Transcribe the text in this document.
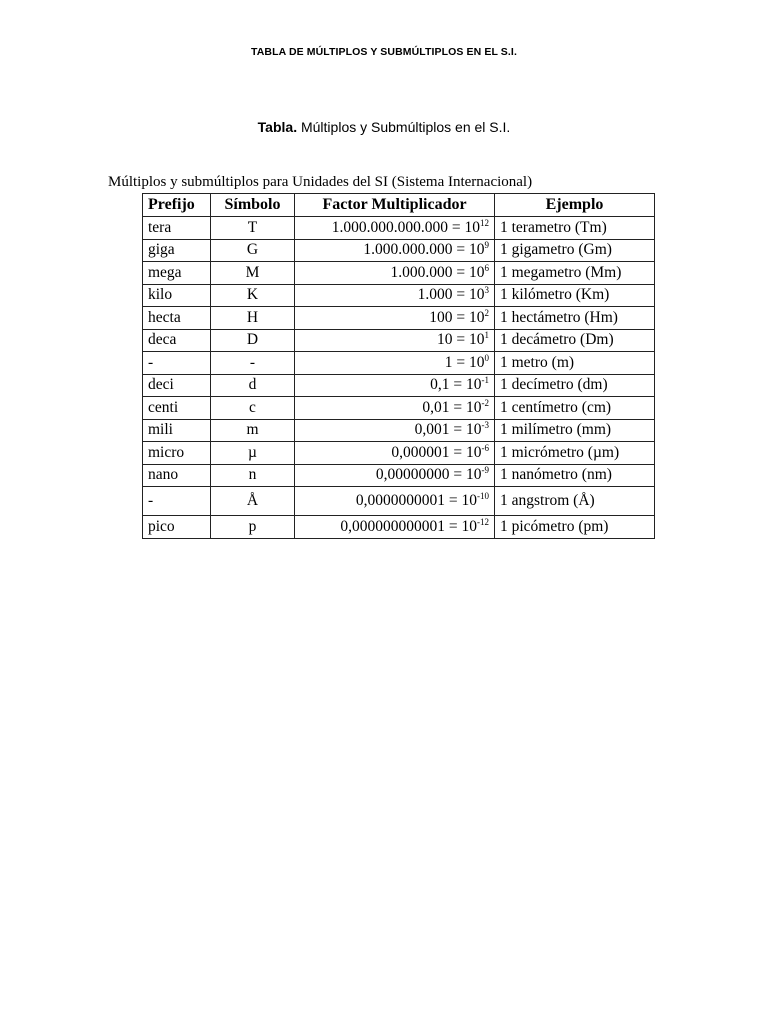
TABLA DE MÚLTIPLOS Y SUBMÚLTIPLOS EN EL S.I.
Tabla. Múltiplos y Submúltiplos en el S.I.
Múltiplos y submúltiplos para Unidades del SI (Sistema Internacional)
Prefijo	Símbolo	Factor Multiplicador	Ejemplo
tera	T	$1.000.000.000.000 = 10^{12}$	1 terametro (Tm)
giga	G	$1.000.000.000 = 10^9$	1 gigametro (Gm)
mega	M	$1.000.000 = 10^6$	1 megametro (Mm)
kilo	K	$1.000 = 10^3$	1 kilómetro (Km)
hecta	H	$100 = 10^2$	1 hectámetro (Hm)
deca	D	$10 = 10^1$	1 decámetro (Dm)
-	-	$1 = 10^0$	1 metro (m)
deci	d	$0,1 = 10^{-1}$	1 decímetro (dm)
centi	c	$0,01 = 10^{-2}$	1 centímetro (cm)
mili	m	$0,001 = 10^{-3}$	1 milímetro (mm)
micro	µ	$0,000001 = 10^{-6}$	1 micrómetro (µm)
nano	n	$0,00000000 = 10^{-9}$	1 nanómetro (nm)
-	Å	$0,0000000001 = 10^{-10}$	1 angstrom (Å)
pico	p	$0,000000000001 = 10^{-12}$	1 picómetro (pm)
